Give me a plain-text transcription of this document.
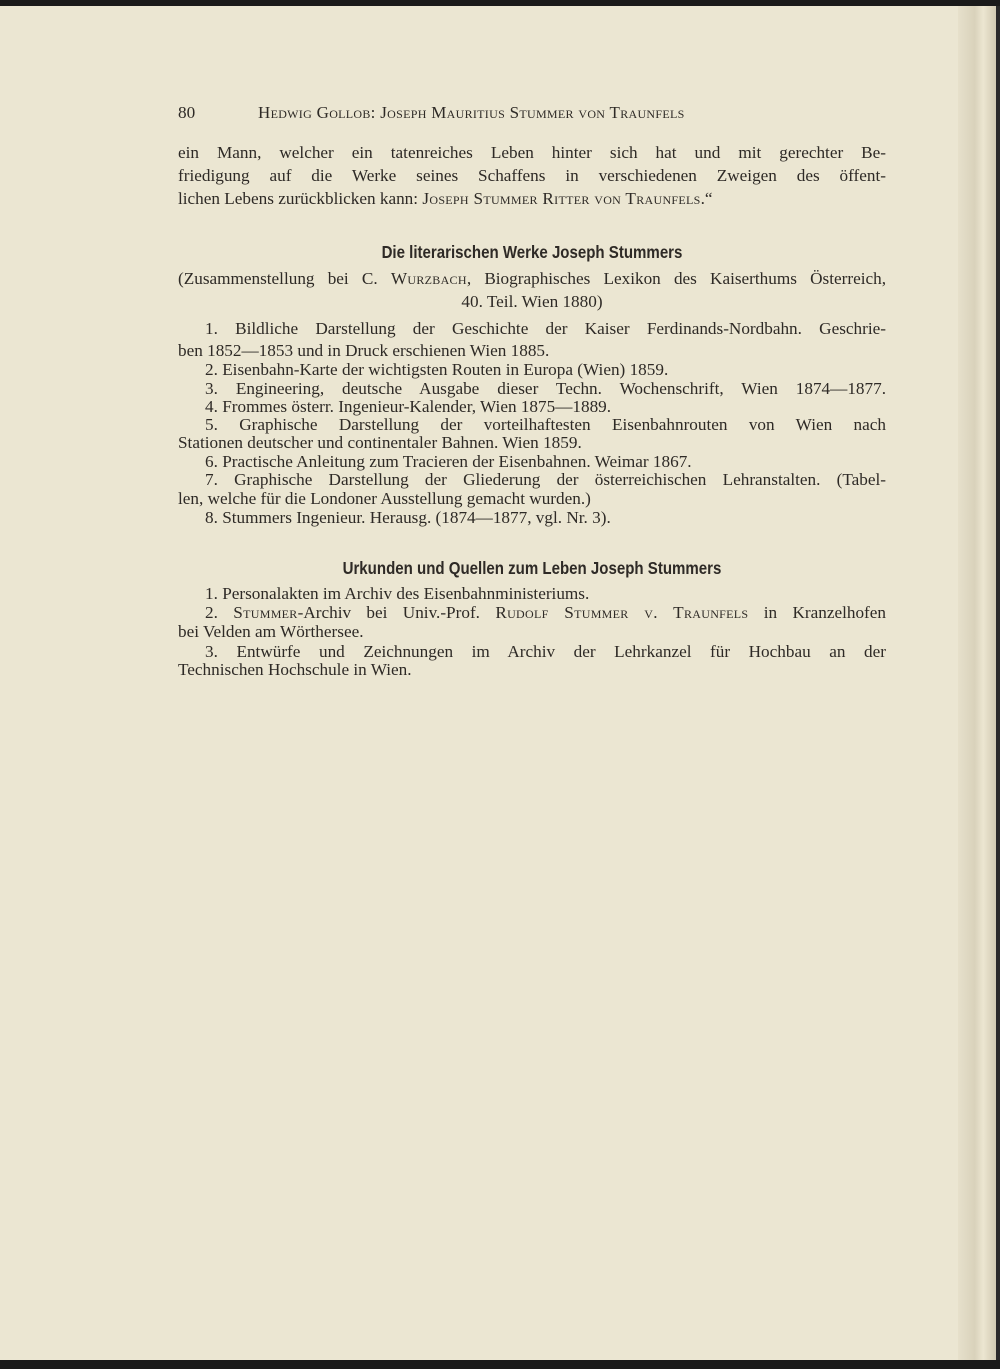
80	Hedwig Gollob: Joseph Mauritius Stummer von Traunfels
ein Mann, welcher ein tatenreiches Leben hinter sich hat und mit gerechter Be-
friedigung auf die Werke seines Schaffens in verschiedenen Zweigen des öffent-
lichen Lebens zurückblicken kann: Joseph Stummer Ritter von Traunfels.“
Die literarischen Werke Joseph Stummers
(Zusammenstellung bei C. Wurzbach, Biographisches Lexikon des Kaiserthums Österreich,
40. Teil. Wien 1880)
1. Bildliche Darstellung der Geschichte der Kaiser Ferdinands-Nordbahn. Geschrie-
ben 1852—1853 und in Druck erschienen Wien 1885.
2. Eisenbahn-Karte der wichtigsten Routen in Europa (Wien) 1859.
3. Engineering, deutsche Ausgabe dieser Techn. Wochenschrift, Wien 1874—1877.
4. Frommes österr. Ingenieur-Kalender, Wien 1875—1889.
5. Graphische Darstellung der vorteilhaftesten Eisenbahnrouten von Wien nach
Stationen deutscher und continentaler Bahnen. Wien 1859.
6. Practische Anleitung zum Tracieren der Eisenbahnen. Weimar 1867.
7. Graphische Darstellung der Gliederung der österreichischen Lehranstalten. (Tabel-
len, welche für die Londoner Ausstellung gemacht wurden.)
8. Stummers Ingenieur. Herausg. (1874—1877, vgl. Nr. 3).
Urkunden und Quellen zum Leben Joseph Stummers
1. Personalakten im Archiv des Eisenbahnministeriums.
2. Stummer-Archiv bei Univ.-Prof. Rudolf Stummer v. Traunfels in Kranzelhofen
bei Velden am Wörthersee.
3. Entwürfe und Zeichnungen im Archiv der Lehrkanzel für Hochbau an der
Technischen Hochschule in Wien.
